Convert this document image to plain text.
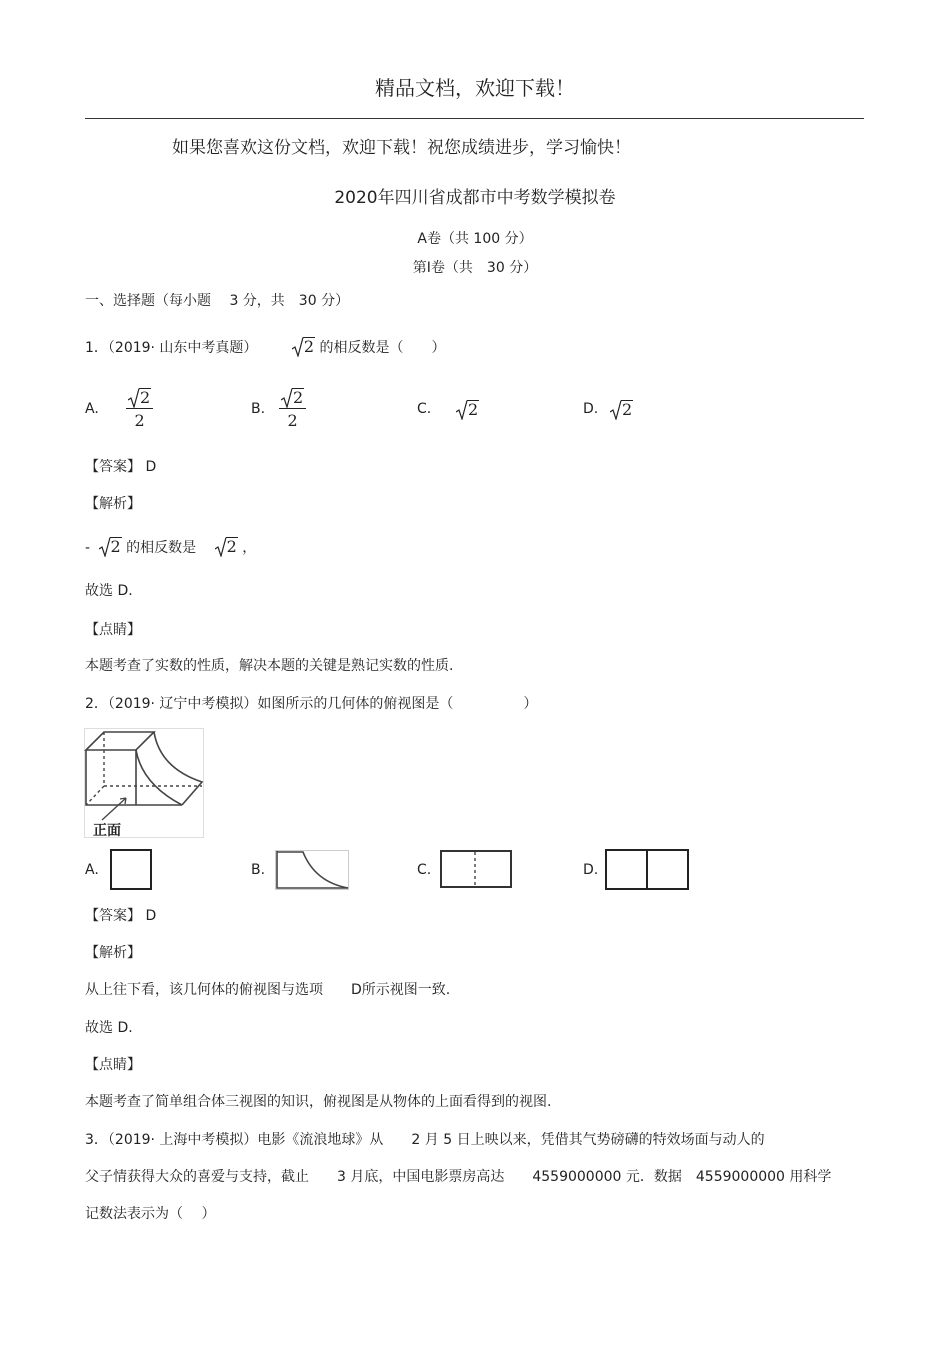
精品文档，欢迎下载！
如果您喜欢这份文档，欢迎下载！祝您成绩进步，学习愉快！
2020年四川省成都市中考数学模拟卷
A卷（共 100 分）
第Ⅰ卷（共　30 分）
一、选择题（每小题　 3 分，共　30 分）
1．（2019· 山东中考真题）	2 的相反数是（　　）
A. $\frac{2}{2}$	B. $\frac{2}{2}$	C.	2	D.	2
【答案】 D
【解析】
- 2 的相反数是 2 ，
故选 D.
【点睛】
本题考查了实数的性质，解决本题的关键是熟记实数的性质.
2．（2019· 辽宁中考模拟）如图所示的几何体的俯视图是（　　　　　）
正面
A.	B.	C.	D.
【答案】 D
【解析】
从上往下看，该几何体的俯视图与选项　　D所示视图一致.
故选 D.
【点睛】
本题考查了简单组合体三视图的知识，俯视图是从物体的上面看得到的视图.
3．（2019· 上海中考模拟）电影《流浪地球》从　　2 月 5 日上映以来，凭借其气势磅礴的特效场面与动人的
父子情获得大众的喜爱与支持，截止　　3 月底，中国电影票房高达　　4559000000 元．数据　4559000000 用科学
记数法表示为（　 ）
